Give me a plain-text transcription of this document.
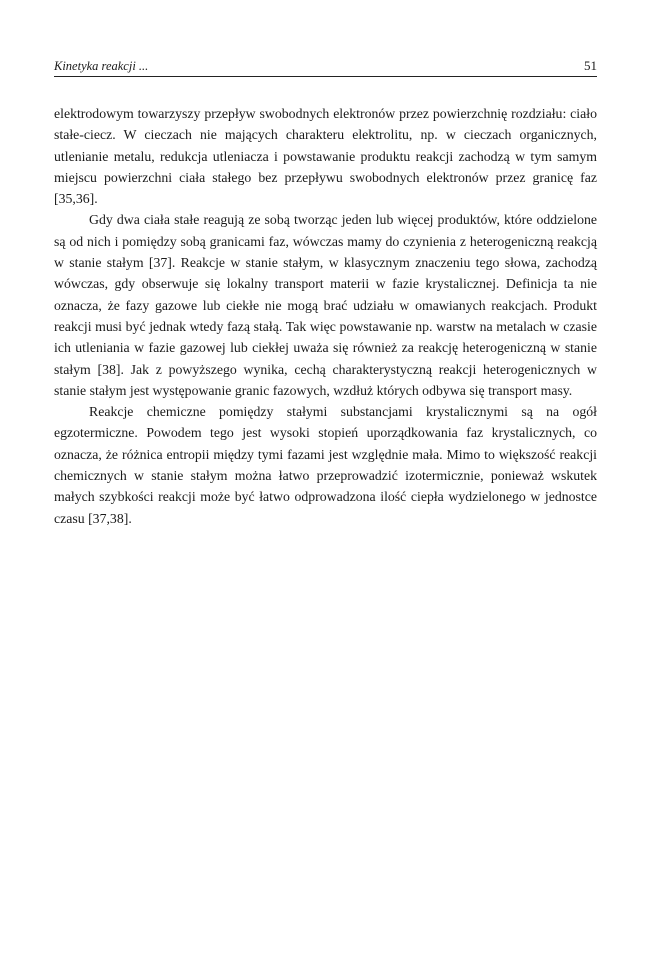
Kinetyka reakcji ...	51

elektrodowym towarzyszy przepływ swobodnych elektronów przez powierzchnię rozdziału: ciało stałe-ciecz. W cieczach nie mających charakteru elektrolitu, np. w cieczach organicznych, utlenianie metalu, redukcja utleniacza i powstawanie produktu reakcji zachodzą w tym samym miejscu powierzchni ciała stałego bez przepływu swobodnych elektronów przez granicę faz [35,36].

Gdy dwa ciała stałe reagują ze sobą tworząc jeden lub więcej produktów, które oddzielone są od nich i pomiędzy sobą granicami faz, wówczas mamy do czynienia z heterogeniczną reakcją w stanie stałym [37]. Reakcje w stanie stałym, w klasycznym znaczeniu tego słowa, zachodzą wówczas, gdy obserwuje się lokalny transport materii w fazie krystalicznej. Definicja ta nie oznacza, że fazy gazowe lub ciekłe nie mogą brać udziału w omawianych reakcjach. Produkt reakcji musi być jednak wtedy fazą stałą. Tak więc powstawanie np. warstw na metalach w czasie ich utleniania w fazie gazowej lub ciekłej uważa się również za reakcję heterogeniczną w stanie stałym [38]. Jak z powyższego wynika, cechą charakterystyczną reakcji heterogenicznych w stanie stałym jest występowanie granic fazowych, wzdłuż których odbywa się transport masy.

Reakcje chemiczne pomiędzy stałymi substancjami krystalicznymi są na ogół egzotermiczne. Powodem tego jest wysoki stopień uporządkowania faz krystalicznych, co oznacza, że różnica entropii między tymi fazami jest względnie mała. Mimo to większość reakcji chemicznych w stanie stałym można łatwo przeprowadzić izotermicznie, ponieważ wskutek małych szybkości reakcji może być łatwo odprowadzona ilość ciepła wydzielonego w jednostce czasu [37,38].
